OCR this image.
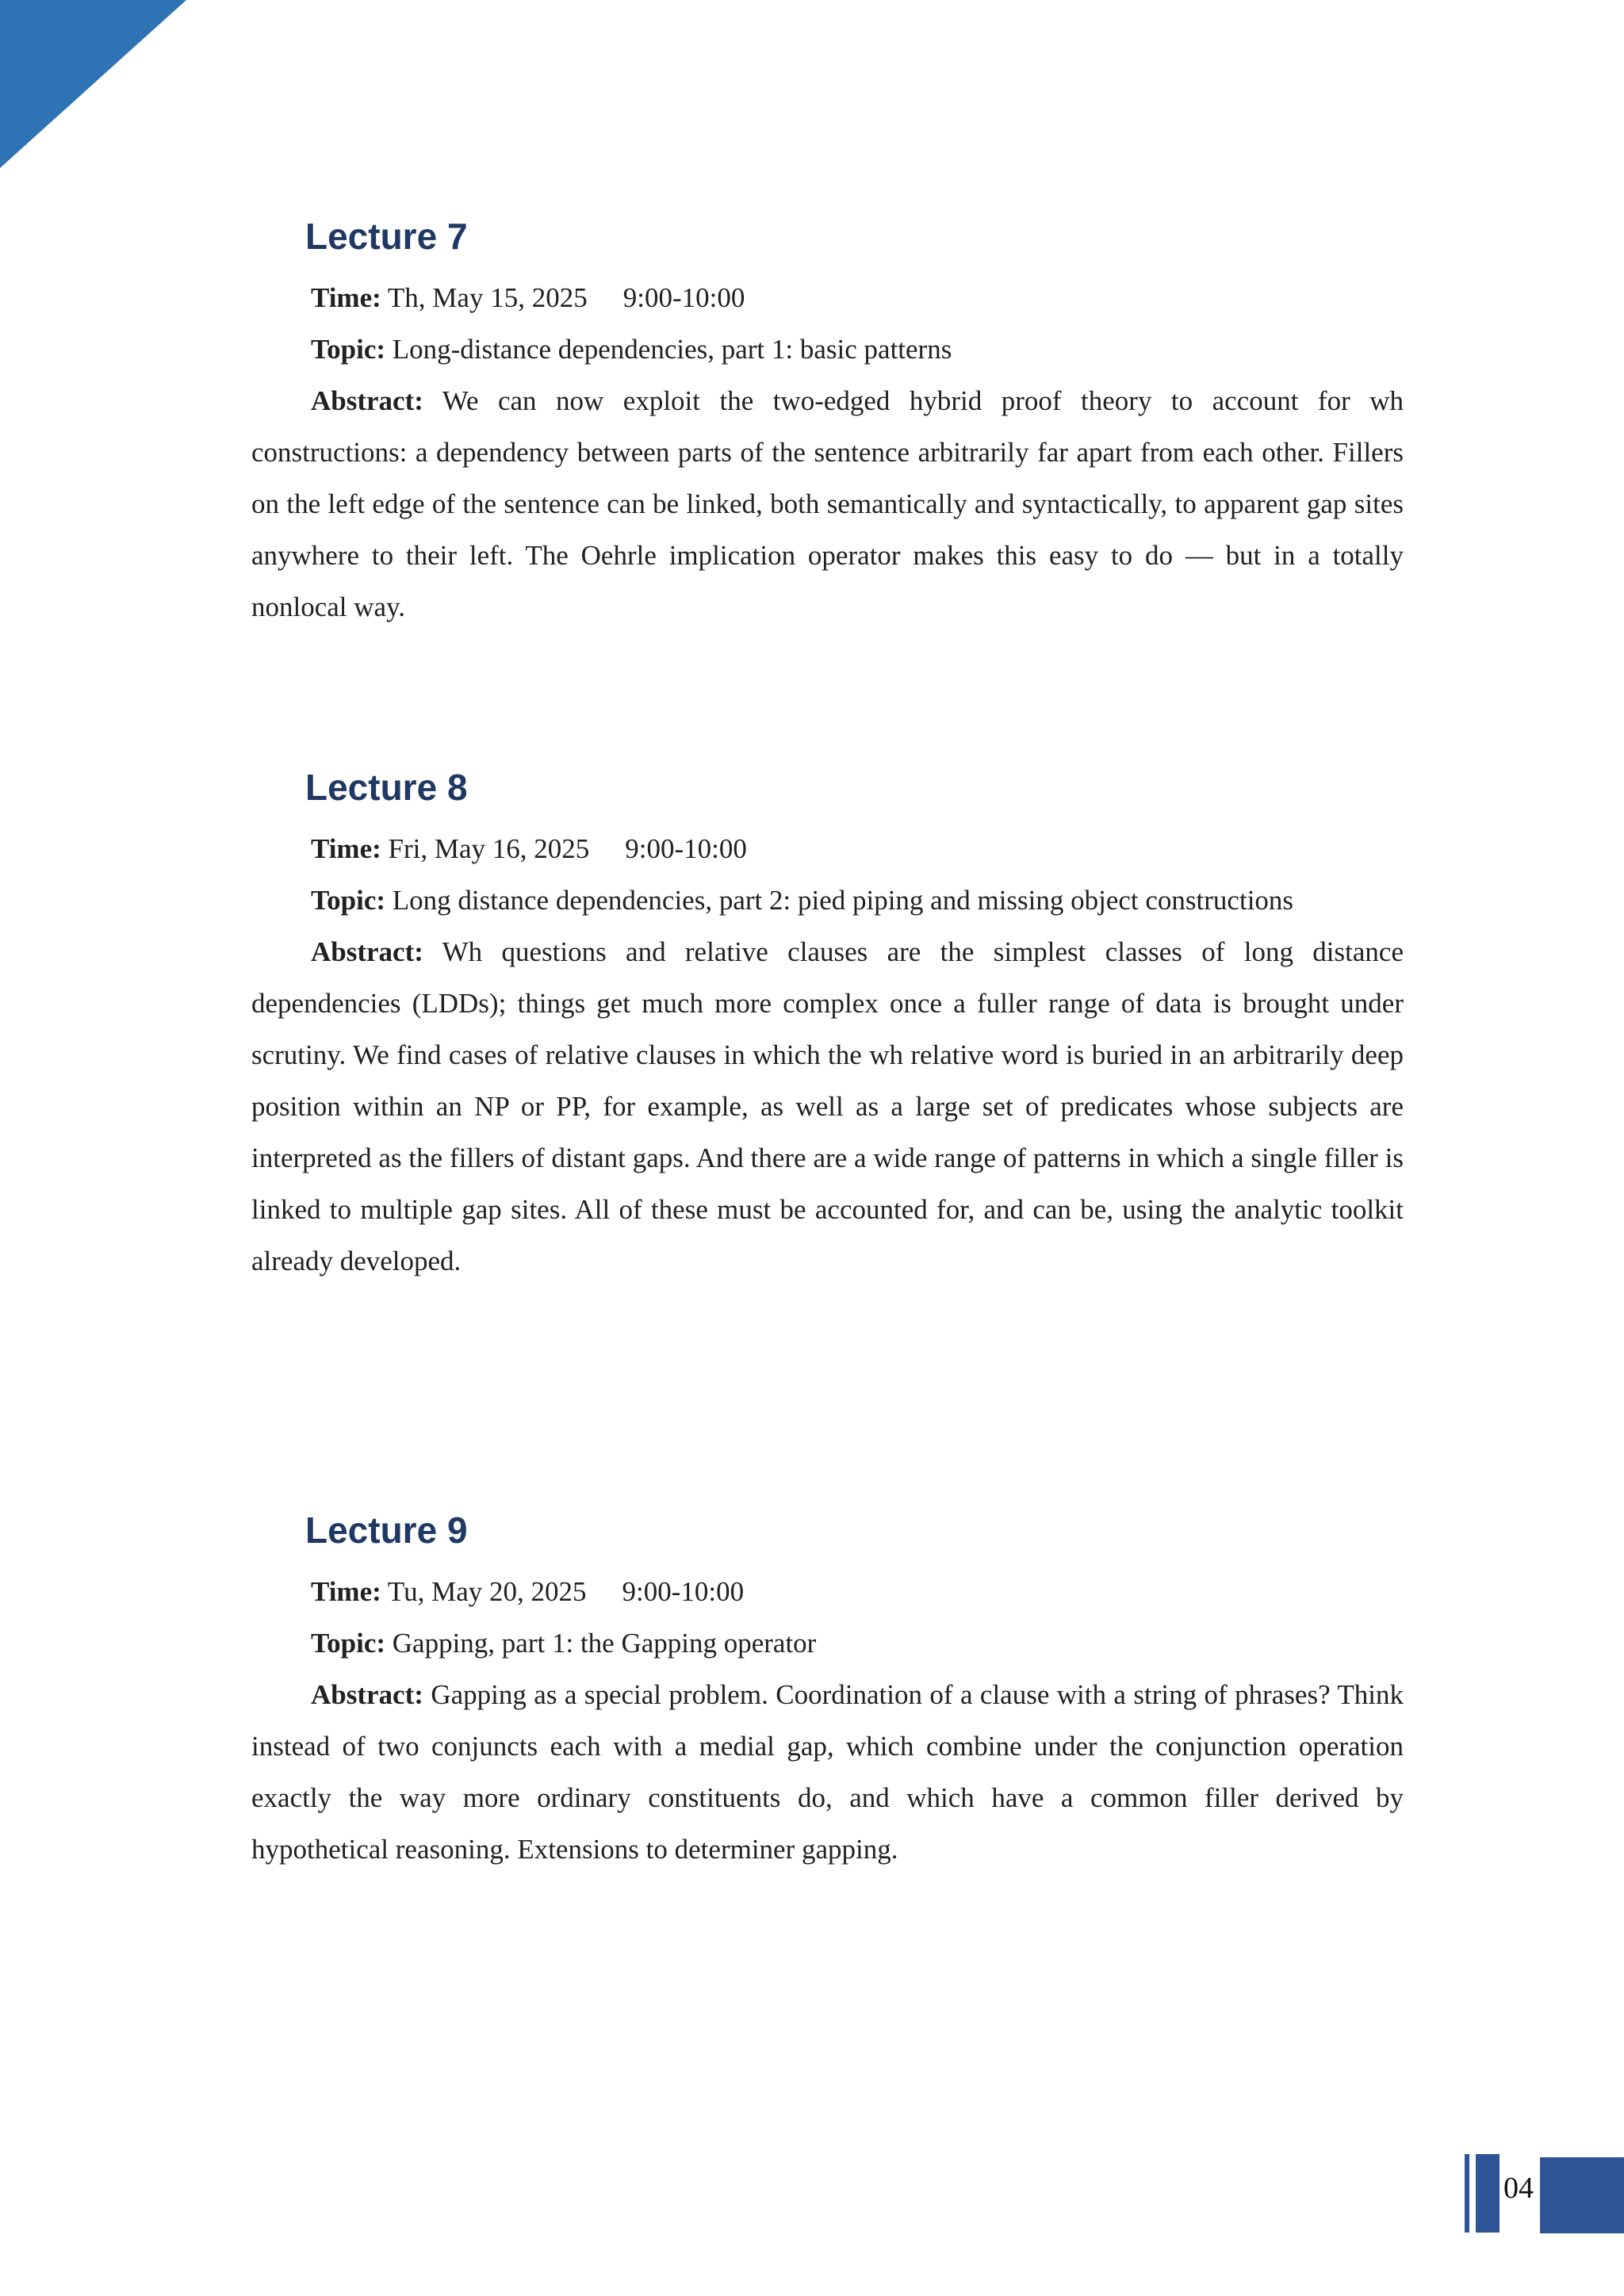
Lecture 7

Time: Th, May 15, 2025 9:00-10:00

Topic: Long-distance dependencies, part 1: basic patterns

Abstract: We can now exploit the two-edged hybrid proof theory to account for wh constructions: a dependency between parts of the sentence arbitrarily far apart from each other. Fillers on the left edge of the sentence can be linked, both semantically and syntactically, to apparent gap sites anywhere to their left. The Oehrle implication operator makes this easy to do — but in a totally nonlocal way.

Lecture 8

Time: Fri, May 16, 2025 9:00-10:00

Topic: Long distance dependencies, part 2: pied piping and missing object constructions

Abstract: Wh questions and relative clauses are the simplest classes of long distance dependencies (LDDs); things get much more complex once a fuller range of data is brought under scrutiny. We find cases of relative clauses in which the wh relative word is buried in an arbitrarily deep position within an NP or PP, for example, as well as a large set of predicates whose subjects are interpreted as the fillers of distant gaps. And there are a wide range of patterns in which a single filler is linked to multiple gap sites. All of these must be accounted for, and can be, using the analytic toolkit already developed.

Lecture 9

Time: Tu, May 20, 2025 9:00-10:00

Topic: Gapping, part 1: the Gapping operator

Abstract: Gapping as a special problem. Coordination of a clause with a string of phrases? Think instead of two conjuncts each with a medial gap, which combine under the conjunction operation exactly the way more ordinary constituents do, and which have a common filler derived by hypothetical reasoning. Extensions to determiner gapping.

04
